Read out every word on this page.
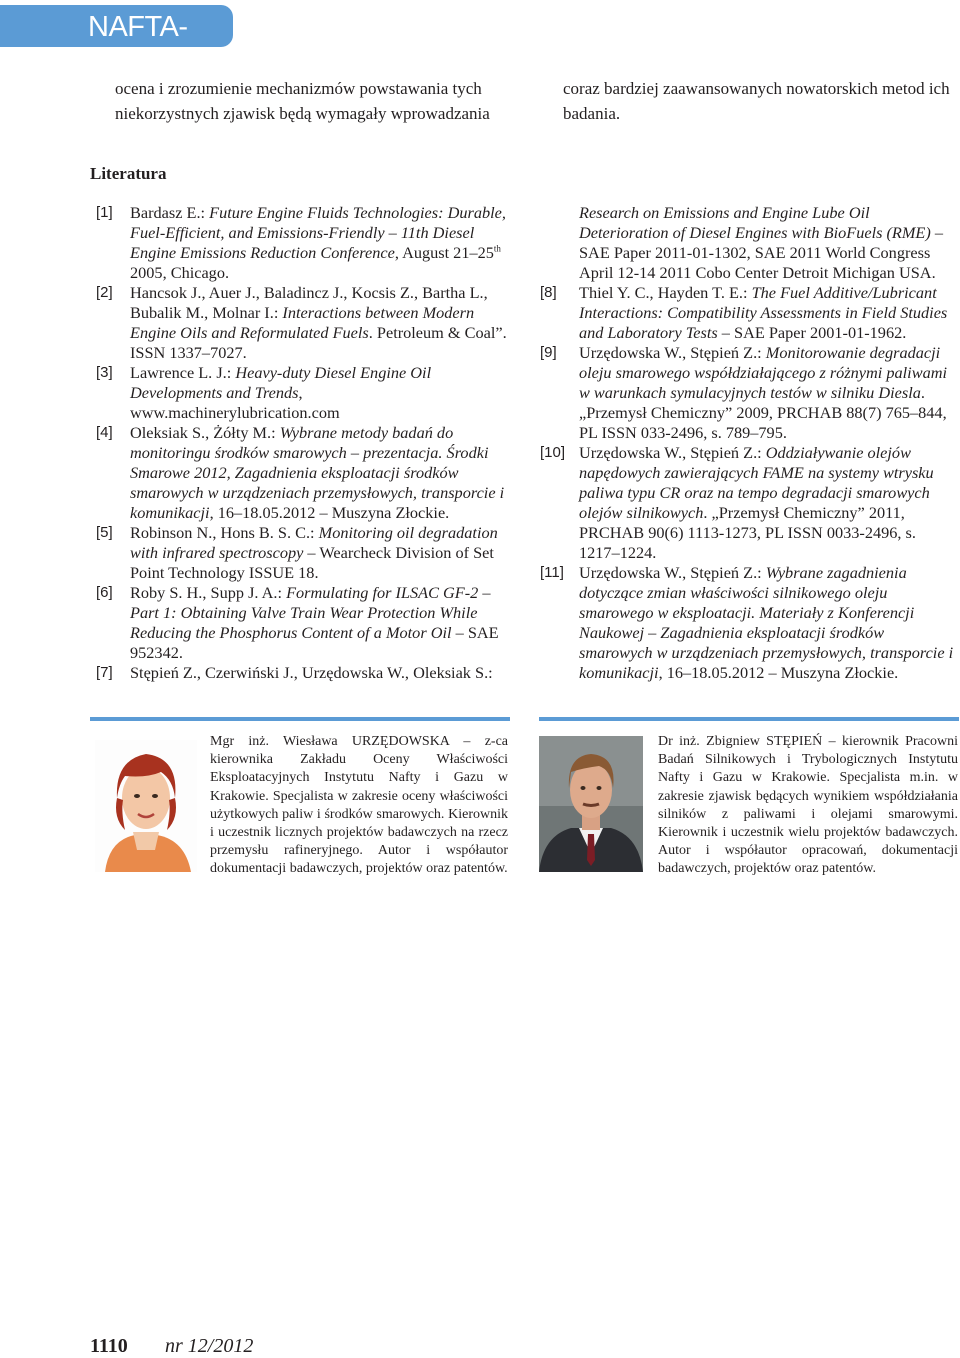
NAFTA-GAZ
ocena i zrozumienie mechanizmów powstawania tych niekorzystnych zjawisk będą wymagały wprowadzania
coraz bardziej zaawansowanych nowatorskich metod ich badania.
Literatura

[1] Bardasz E.: Future Engine Fluids Technologies: Durable, Fuel-Efficient, and Emissions-Friendly – 11th Diesel Engine Emissions Reduction Conference, August 21–25th 2005, Chicago.

[2] Hancsok J., Auer J., Baladincz J., Kocsis Z., Bartha L., Bubalik M., Molnar I.: Interactions between Modern Engine Oils and Reformulated Fuels. Petroleum & Coal”. ISSN 1337–7027.

[3] Lawrence L. J.: Heavy-duty Diesel Engine Oil Developments and Trends, www.machinerylubrication.com

[4] Oleksiak S., Żółty M.: Wybrane metody badań do monitoringu środków smarowych – prezentacja. Środki Smarowe 2012, Zagadnienia eksploatacji środków smarowych w urządzeniach przemysłowych, transporcie i komunikacji, 16–18.05.2012 – Muszyna Złockie.

[5] Robinson N., Hons B. S. C.: Monitoring oil degradation with infrared spectroscopy – Wearcheck Division of Set Point Technology ISSUE 18.

[6] Roby S. H., Supp J. A.: Formulating for ILSAC GF-2 – Part 1: Obtaining Valve Train Wear Protection While Reducing the Phosphorus Content of a Motor Oil – SAE 952342.

[7] Stępień Z., Czerwiński J., Urzędowska W., Oleksiak S.:

Research on Emissions and Engine Lube Oil Deterioration of Diesel Engines with BioFuels (RME) – SAE Paper 2011-01-1302, SAE 2011 World Congress April 12-14 2011 Cobo Center Detroit Michigan USA.

[8] Thiel Y. C., Hayden T. E.: The Fuel Additive/Lubricant Interactions: Compatibility Assessments in Field Studies and Laboratory Tests – SAE Paper 2001-01-1962.

[9] Urzędowska W., Stępień Z.: Monitorowanie degradacji oleju smarowego współdziałającego z różnymi paliwami w warunkach symulacyjnych testów w silniku Diesla. „Przemysł Chemiczny” 2009, PRCHAB 88(7) 765–844, PL ISSN 033-2496, s. 789–795.

[10] Urzędowska W., Stępień Z.: Oddziaływanie olejów napędowych zawierających FAME na systemy wtrysku paliwa typu CR oraz na tempo degradacji smarowych olejów silnikowych. „Przemysł Chemiczny” 2011, PRCHAB 90(6) 1113-1273, PL ISSN 0033-2496, s. 1217–1224.

[11] Urzędowska W., Stępień Z.: Wybrane zagadnienia dotyczące zmian właściwości silnikowego oleju smarowego w eksploatacji. Materiały z Konferencji Naukowej – Zagadnienia eksploatacji środków smarowych w urządzeniach przemysłowych, transporcie i komunikacji, 16–18.05.2012 – Muszyna Złockie.

Mgr inż. Wiesława URZĘDOWSKA – z-ca kierownika Zakładu Oceny Właściwości Eksploatacyjnych Instytutu Nafty i Gazu w Krakowie. Specjalista w zakresie oceny właściwości użytkowych paliw i środków smarowych. Kierownik i uczestnik licznych projektów badawczych na rzecz przemysłu rafineryjnego. Autor i współautor dokumentacji badawczych, projektów oraz patentów.
Dr inż. Zbigniew STĘPIEŃ – kierownik Pracowni Badań Silnikowych i Trybologicznych Instytutu Nafty i Gazu w Krakowie. Specjalista m.in. w zakresie zjawisk będących wynikiem współdziałania silników z paliwami i olejami smarowymi. Kierownik i uczestnik wielu projektów badawczych. Autor i współautor opracowań, dokumentacji badawczych, projektów oraz patentów.
1110 nr 12/2012
